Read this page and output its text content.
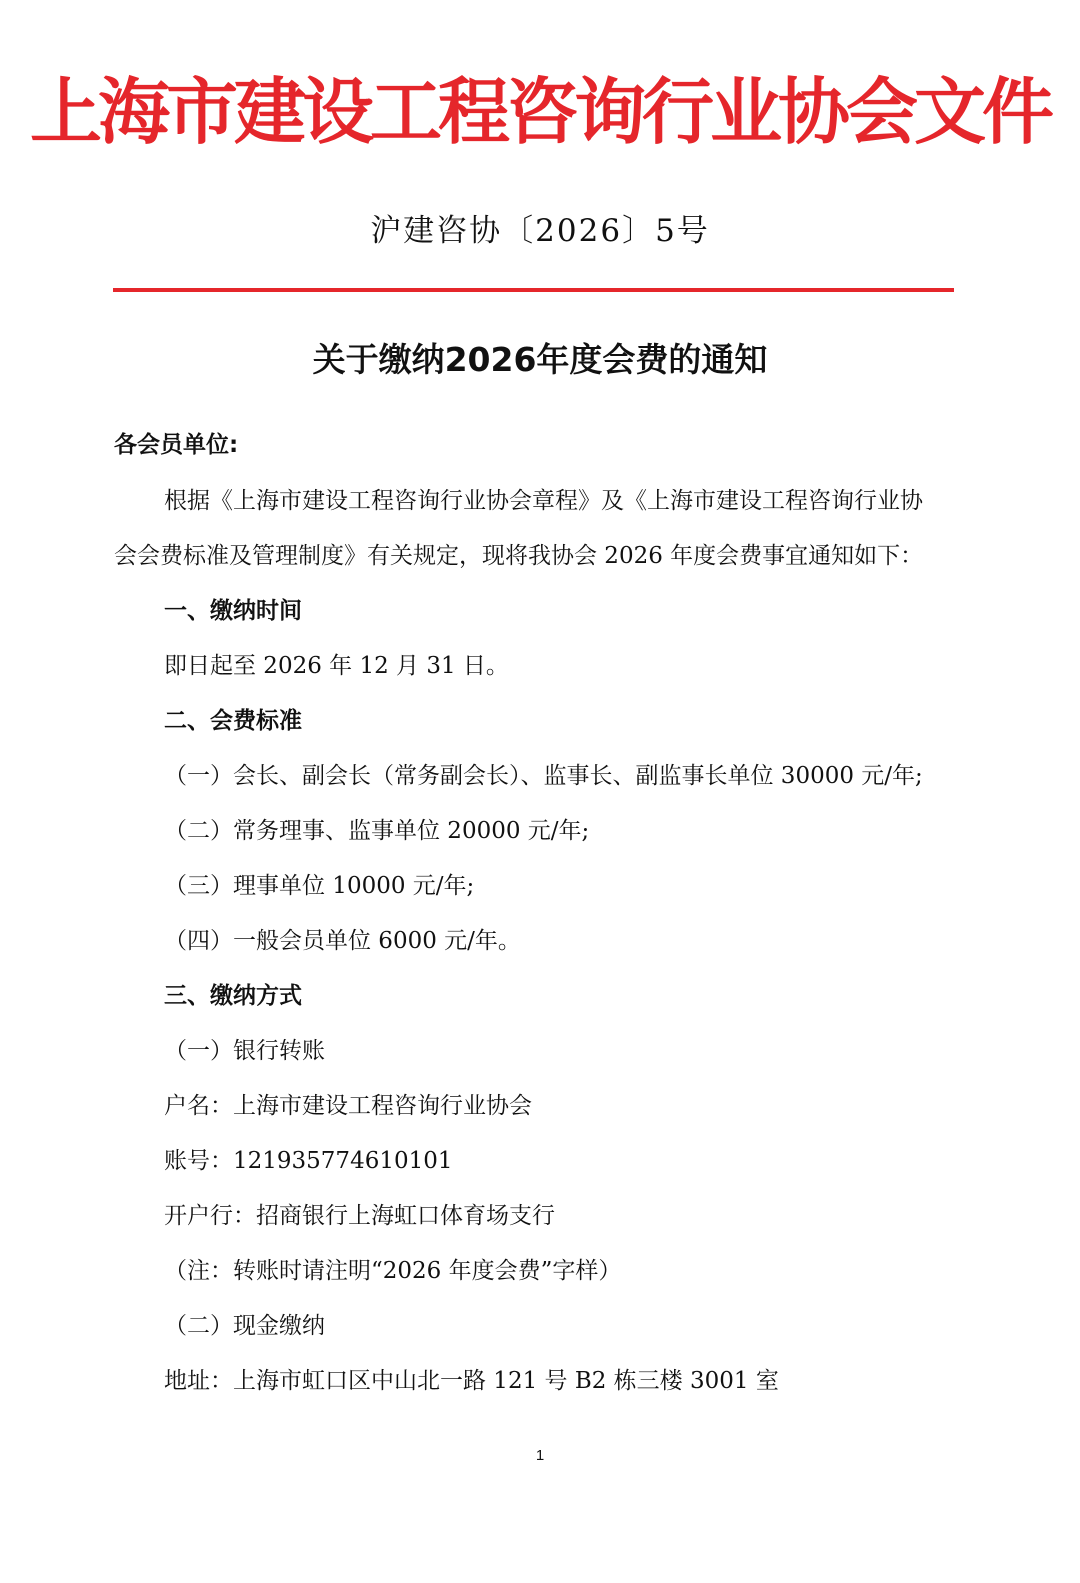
上海市建设工程咨询行业协会文件
沪建咨协〔2026〕5号
关于缴纳2026年度会费的通知
各会员单位:
根据《上海市建设工程咨询行业协会章程》及《上海市建设工程咨询行业协
会会费标准及管理制度》有关规定，现将我协会 2026 年度会费事宜通知如下：
一、缴纳时间
即日起至 2026 年 12 月 31 日。
二、会费标准
（一）会长、副会长（常务副会长）、监事长、副监事长单位 30000 元/年;
（二）常务理事、监事单位 20000 元/年;
（三）理事单位 10000 元/年;
（四）一般会员单位 6000 元/年。
三、缴纳方式
（一）银行转账
户名：上海市建设工程咨询行业协会
账号：121935774610101
开户行：招商银行上海虹口体育场支行
（注：转账时请注明“2026 年度会费”字样）
（二）现金缴纳
地址：上海市虹口区中山北一路 121 号 B2 栋三楼 3001 室
1
